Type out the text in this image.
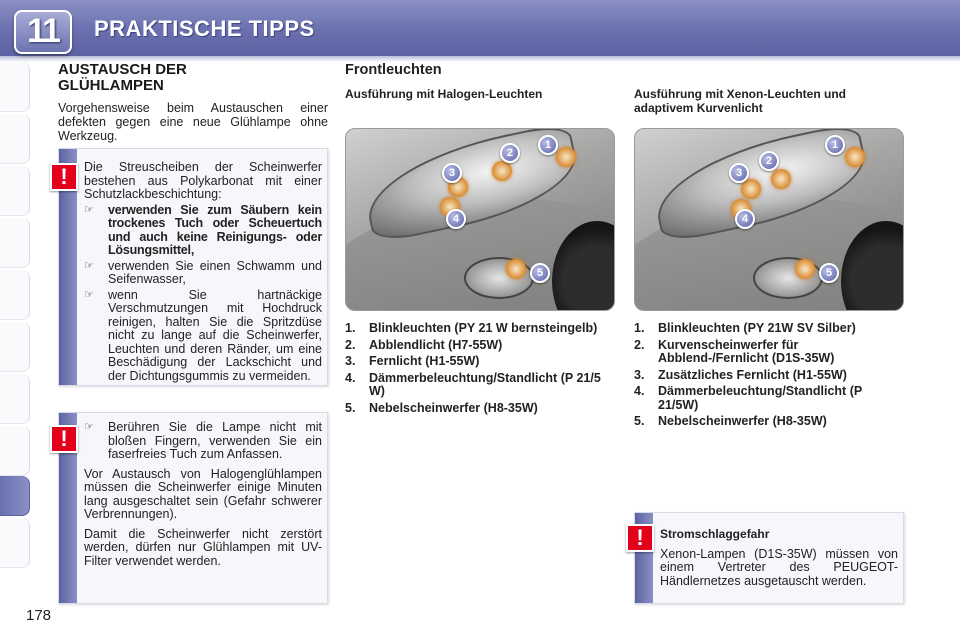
11	PRAKTISCHE TIPPS
178
AUSTAUSCH DER GLÜHLAMPEN
Vorgehensweise beim Austauschen einer defekten gegen eine neue Glühlampe ohne Werkzeug.
!	Die Streuscheiben der Scheinwerfer bestehen aus Polykarbonat mit einer Schutzlackbeschichtung:
☞ verwenden Sie zum Säubern kein trockenes Tuch oder Scheuertuch und auch keine Reinigungs- oder Lösungsmittel,
☞ verwenden Sie einen Schwamm und Seifenwasser,
☞ wenn Sie hartnäckige Verschmutzungen mit Hochdruck reinigen, halten Sie die Spritzdüse nicht zu lange auf die Scheinwerfer, Leuchten und deren Ränder, um eine Beschädigung der Lackschicht und der Dichtungsgummis zu vermeiden.
!	☞ Berühren Sie die Lampe nicht mit bloßen Fingern, verwenden Sie ein faserfreies Tuch zum Anfassen.
Vor Austausch von Halogenglühlampen müssen die Scheinwerfer einige Minuten lang ausgeschaltet sein (Gefahr schwerer Verbrennungen).
Damit die Scheinwerfer nicht zerstört werden, dürfen nur Glühlampen mit UV-Filter verwendet werden.
Frontleuchten
Ausführung mit Halogen-Leuchten	Ausführung mit Xenon-Leuchten und adaptivem Kurvenlicht
1
2
3
4
5
1
2
3
4
5
1. Blinkleuchten (PY 21 W bernsteingelb)
2. Abblendlicht (H7-55W)
3. Fernlicht (H1-55W)
4. Dämmerbeleuchtung/Standlicht (P 21/5 W)
5. Nebelscheinwerfer (H8-35W)
1. Blinkleuchten (PY 21W SV Silber)
2. Kurvenscheinwerfer für Abblend-/Fernlicht (D1S-35W)
3. Zusätzliches Fernlicht (H1-55W)
4. Dämmerbeleuchtung/Standlicht (P 21/5W)
5. Nebelscheinwerfer (H8-35W)
!	Stromschlaggefahr
Xenon-Lampen (D1S-35W) müssen von einem Vertreter des PEUGEOT-Händlernetzes ausgetauscht werden.
